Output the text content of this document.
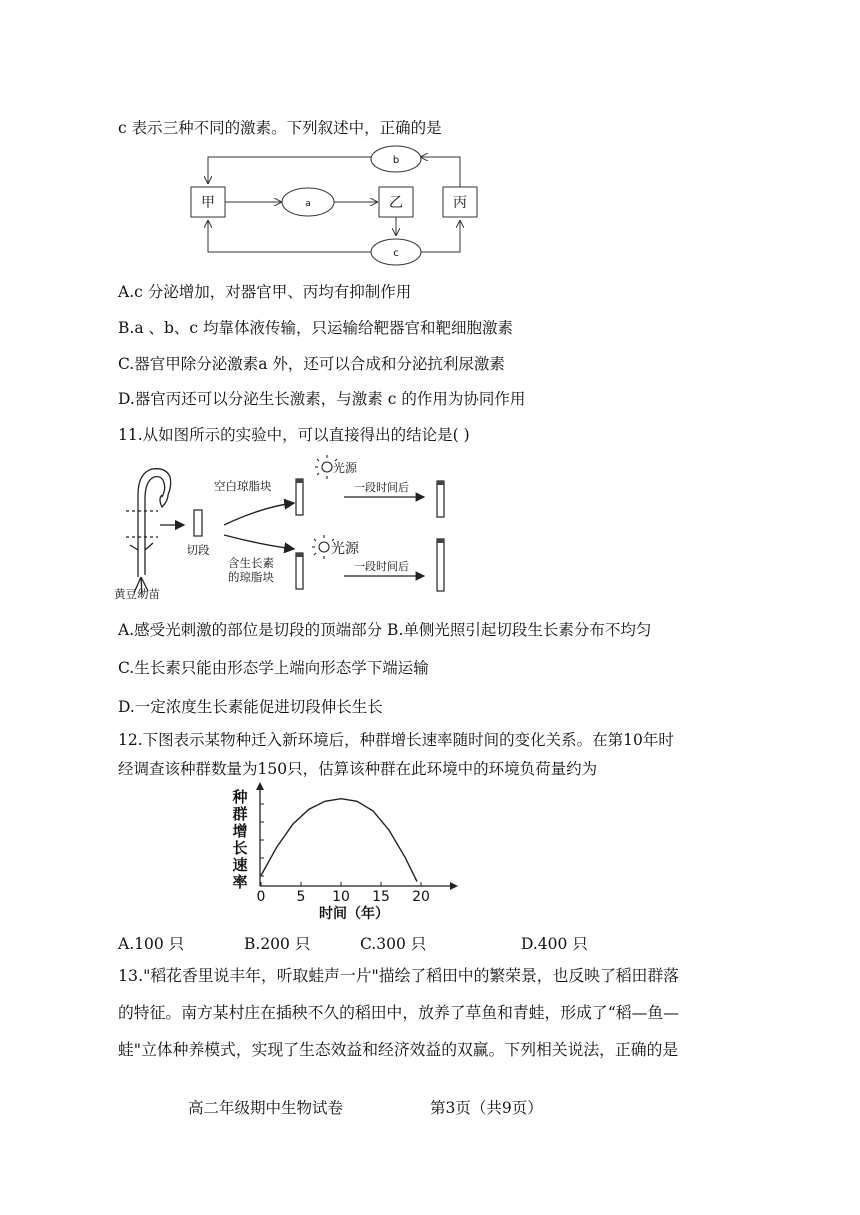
c 表示三种不同的激素。下列叙述中，正确的是
甲	乙	丙
a
b
c
A.c 分泌增加，对器官甲、丙均有抑制作用
B.a 、b、c 均靠体液传输，只运输给靶器官和靶细胞激素
C.器官甲除分泌激素a 外，还可以合成和分泌抗利尿激素
D.器官丙还可以分泌生长激素，与激素 c 的作用为协同作用
11.从如图所示的实验中，可以直接得出的结论是( )
切段
空白琼脂块
含生长素
的琼脂块
光源
一段时间后
光源
一段时间后
黄豆幼苗
A.感受光刺激的部位是切段的顶端部分 B.单侧光照引起切段生长素分布不均匀
C.生长素只能由形态学上端向形态学下端运输
D.一定浓度生长素能促进切段伸长生长
12.下图表示某物种迁入新环境后，种群增长速率随时间的变化关系。在第10年时
经调查该种群数量为150只，估算该种群在此环境中的环境负荷量约为
种
群
增
长
速
率
0 5 10 15 20
时间（年）
A.100 只	B.200 只	C.300 只	D.400 只
13."稻花香里说丰年，听取蛙声一片"描绘了稻田中的繁荣景，也反映了稻田群落
的特征。南方某村庄在插秧不久的稻田中，放养了草鱼和青蛙，形成了“稻—鱼—
蛙"立体种养模式，实现了生态效益和经济效益的双赢。下列相关说法，正确的是
高二年级期中生物试卷	第3页（共9页）
